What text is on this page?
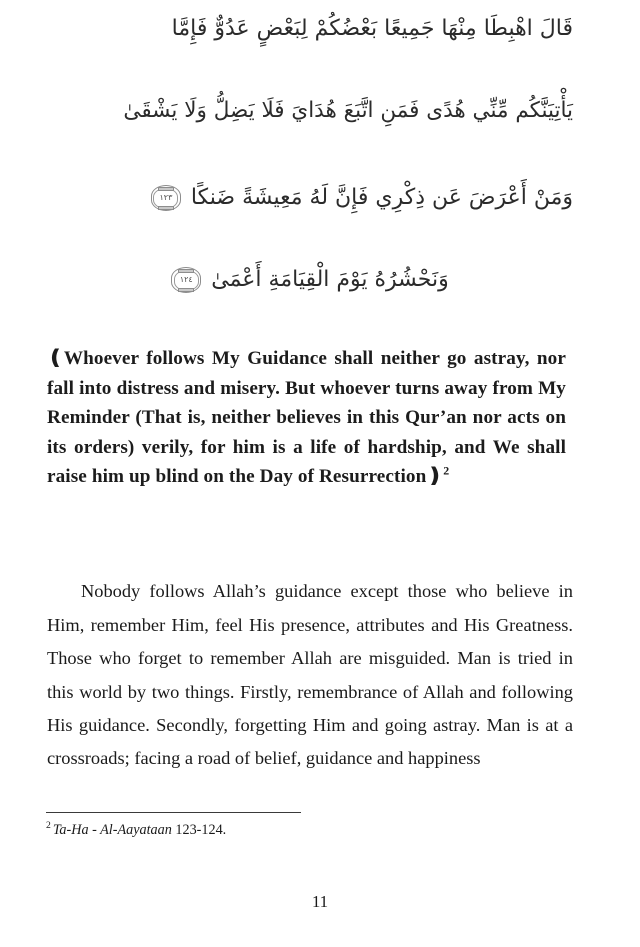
قَالَ اهْبِطَا مِنْهَا جَمِيعًا بَعْضُكُمْ لِبَعْضٍ عَدُوٌّ فَإِمَّا
يَأْتِيَنَّكُم مِّنِّي هُدًى فَمَنِ اتَّبَعَ هُدَايَ فَلَا يَضِلُّ وَلَا يَشْقَىٰ
وَمَنْ أَعْرَضَ عَن ذِكْرِي فَإِنَّ لَهُ مَعِيشَةً ضَنكًا
١٢٣
وَنَحْشُرُهُ يَوْمَ الْقِيَامَةِ أَعْمَىٰ
١٢٤
❪Whoever follows My Guidance shall neither go astray, nor fall into distress and misery. But whoever turns away from My Reminder (That is, neither believes in this Qur’an nor acts on its orders) verily, for him is a life of hardship, and We shall raise him up blind on the Day of Resurrection❫$^2$

Nobody follows Allah’s guidance except those who believe in Him, remember Him, feel His presence, attributes and His Greatness. Those who forget to remember Allah are misguided. Man is tried in this world by two things. Firstly, remembrance of Allah and following His guidance. Secondly, forgetting Him and going astray. Man is at a crossroads; facing a road of belief, guidance and happiness

$^2$ Ta-Ha - Al-Aayataan 123-124.
11
